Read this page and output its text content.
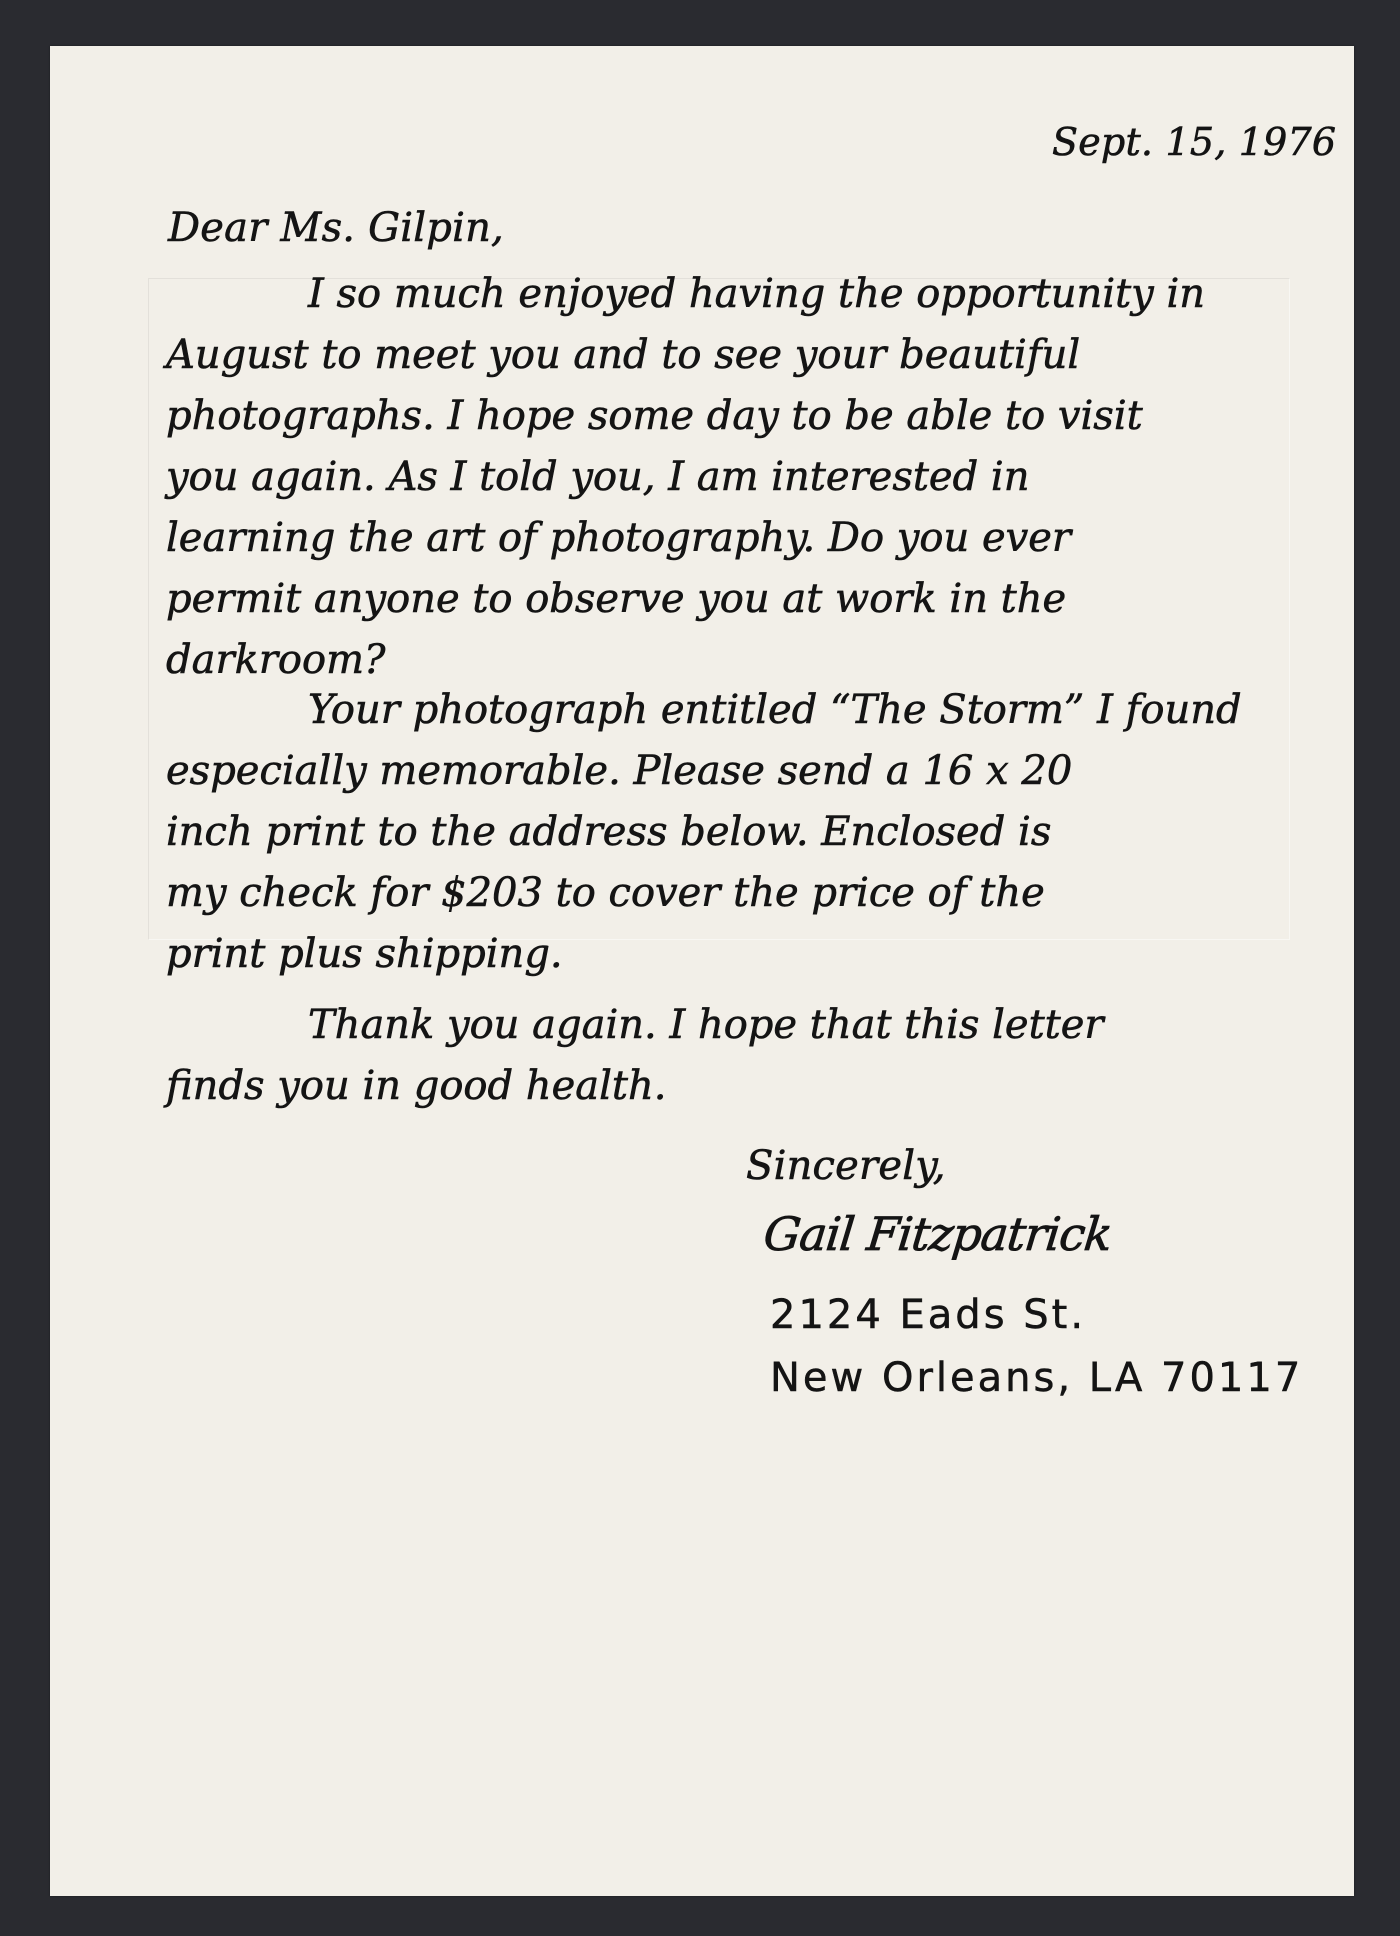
Sept. 15, 1976
Dear Ms. Gilpin,
I so much enjoyed having the opportunity in
August to meet you and to see your beautiful
photographs. I hope some day to be able to visit
you again. As I told you, I am interested in
learning the art of photography. Do you ever
permit anyone to observe you at work in the
darkroom?
Your photograph entitled “The Storm” I found
especially memorable. Please send a 16 x 20
inch print to the address below. Enclosed is
my check for $203 to cover the price of the
print plus shipping.
Thank you again. I hope that this letter
finds you in good health.
Sincerely,
Gail Fitzpatrick
2124 Eads St.
New Orleans, LA 70117
